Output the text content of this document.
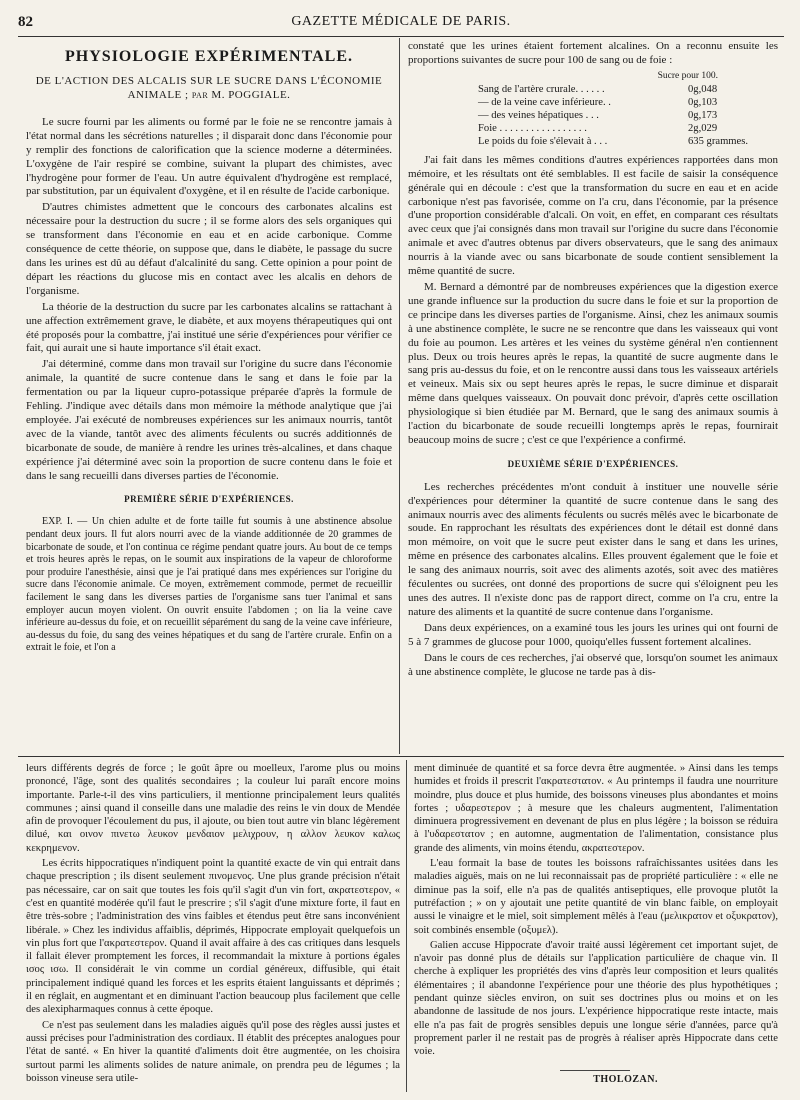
82	GAZETTE MÉDICALE DE PARIS.
PHYSIOLOGIE EXPÉRIMENTALE.
DE L'ACTION DES ALCALIS SUR LE SUCRE DANS L'ÉCONOMIE
ANIMALE ; par M. POGGIALE.

Le sucre fourni par les aliments ou formé par le foie ne se rencontre jamais à l'état normal dans les sécrétions naturelles ; il disparait donc dans l'économie pour y remplir des fonctions de calorification que la science moderne a déterminées. L'oxygène de l'air respiré se combine, suivant la plupart des chimistes, avec l'hydrogène pour former de l'eau. Un autre équivalent d'hydrogène est remplacé, par substitution, par un équivalent d'oxygène, et il en résulte de l'acide carbonique.

D'autres chimistes admettent que le concours des carbonates alcalins est nécessaire pour la destruction du sucre ; il se forme alors des sels organiques qui se transforment dans l'économie en eau et en acide carbonique. Comme conséquence de cette théorie, on suppose que, dans le diabète, le passage du sucre dans les urines est dû au défaut d'alcalinité du sang. Cette opinion a pour point de départ les réactions du glucose mis en contact avec les alcalis en dehors de l'organisme.

La théorie de la destruction du sucre par les carbonates alcalins se rattachant à une affection extrêmement grave, le diabète, et aux moyens thérapeutiques qui ont été proposés pour la combattre, j'ai institué une série d'expériences pour vérifier ce fait, qui aurait une si haute importance s'il était exact.

J'ai déterminé, comme dans mon travail sur l'origine du sucre dans l'économie animale, la quantité de sucre contenue dans le sang et dans le foie par la fermentation ou par la liqueur cupro-potassique préparée d'après la formule de Fehling. J'indique avec détails dans mon mémoire la méthode analytique que j'ai employée. J'ai exécuté de nombreuses expériences sur les animaux nourris, tantôt avec de la viande, tantôt avec des aliments féculents ou sucrés additionnés de bicarbonate de soude, de manière à rendre les urines très-alcalines, et dans chaque expérience j'ai déterminé avec soin la proportion de sucre contenu dans le foie et dans le sang recueilli dans diverses parties de l'économie.

PREMIÈRE SÉRIE D'EXPÉRIENCES.

EXP. I. — Un chien adulte et de forte taille fut soumis à une abstinence absolue pendant deux jours. Il fut alors nourri avec de la viande additionnée de 20 grammes de bicarbonate de soude, et l'on continua ce régime pendant quatre jours. Au bout de ce temps et trois heures après le repas, on le soumit aux inspirations de la vapeur de chloroforme pour produire l'anesthésie, ainsi que je l'ai pratiqué dans mes expériences sur l'origine du sucre dans l'économie animale. Ce moyen, extrêmement commode, permet de recueillir facilement le sang dans les diverses parties de l'organisme sans tuer l'animal et sans employer aucun moyen violent. On ouvrit ensuite l'abdomen ; on lia la veine cave inférieure au-dessus du foie, et on recueillit séparément du sang de la veine cave inférieure, au-dessus du foie, du sang des veines hépatiques et du sang de l'artère crurale. Enfin on a extrait le foie, et l'on a

constaté que les urines étaient fortement alcalines. On a reconnu ensuite les proportions suivantes de sucre pour 100 de sang ou de foie :

Sucre pour 100.
Sang de l'artère crurale. . . . . .	0g,048
— de la veine cave inférieure. .	0g,103
— des veines hépatiques . . .	0g,173
Foie . . . . . . . . . . . . . . . . .	2g,029
Le poids du foie s'élevait à . . .	635 grammes.

J'ai fait dans les mêmes conditions d'autres expériences rapportées dans mon mémoire, et les résultats ont été semblables. Il est facile de saisir la conséquence générale qui en découle : c'est que la transformation du sucre en eau et en acide carbonique n'est pas favorisée, comme on l'a cru, dans l'économie, par la présence d'une proportion considérable d'alcali. On voit, en effet, en comparant ces résultats avec ceux que j'ai consignés dans mon travail sur l'origine du sucre dans l'économie animale et avec d'autres obtenus par divers observateurs, que le sang des animaux nourris à la viande avec ou sans bicarbonate de soude contient sensiblement la même quantité de sucre.

M. Bernard a démontré par de nombreuses expériences que la digestion exerce une grande influence sur la production du sucre dans le foie et sur la proportion de ce principe dans les diverses parties de l'organisme. Ainsi, chez les animaux soumis à une abstinence complète, le sucre ne se rencontre que dans les vaisseaux qui vont du foie au poumon. Les artères et les veines du système général n'en contiennent plus. Deux ou trois heures après le repas, la quantité de sucre augmente dans le sang pris au-dessus du foie, et on le rencontre aussi dans tous les vaisseaux artériels et veineux. Mais six ou sept heures après le repas, le sucre diminue et disparait même dans quelques vaisseaux. On pouvait donc prévoir, d'après cette oscillation physiologique si bien étudiée par M. Bernard, que le sang des animaux soumis à l'action du bicarbonate de soude recueilli longtemps après le repas, fournirait beaucoup moins de sucre ; c'est ce que l'expérience a confirmé.

DEUXIÈME SÉRIE D'EXPÉRIENCES.

Les recherches précédentes m'ont conduit à instituer une nouvelle série d'expériences pour déterminer la quantité de sucre contenue dans le sang des animaux nourris avec des aliments féculents ou sucrés mêlés avec le bicarbonate de soude. En rapprochant les résultats des expériences dont le détail est donné dans mon mémoire, on voit que le sucre peut exister dans le sang et dans les urines, même en présence des carbonates alcalins. Elles prouvent également que le foie et le sang des animaux nourris, soit avec des aliments azotés, soit avec des matières féculentes ou sucrées, ont donné des proportions de sucre qui s'éloignent peu les unes des autres. Il n'existe donc pas de rapport direct, comme on l'a cru, entre la nature des aliments et la quantité de sucre contenue dans l'organisme.

Dans deux expériences, on a examiné tous les jours les urines qui ont fourni de 5 à 7 grammes de glucose pour 1000, quoiqu'elles fussent fortement alcalines.

Dans le cours de ces recherches, j'ai observé que, lorsqu'on soumet les animaux à une abstinence complète, le glucose ne tarde pas à dis-

leurs différents degrés de force ; le goût âpre ou moelleux, l'arome plus ou moins prononcé, l'âge, sont des qualités secondaires ; la couleur lui paraît encore moins importante. Parle-t-il des vins particuliers, il mentionne principalement leurs qualités communes ; ainsi quand il conseille dans une maladie des reins le vin doux de Mendée afin de provoquer l'écoulement du pus, il ajoute, ou bien tout autre vin blanc légèrement dilué, και οινον πινετω λευκον μενδαιον μελιχρουν, η αλλον λευκον καλως κεκρημενον.

Les écrits hippocratiques n'indiquent point la quantité exacte de vin qui entrait dans chaque prescription ; ils disent seulement πινομενος. Une plus grande précision n'était pas nécessaire, car on sait que toutes les fois qu'il s'agit d'un vin fort, ακρατεστερον, « c'est en quantité modérée qu'il faut le prescrire ; s'il s'agit d'une mixture forte, il faut en être très-sobre ; l'administration des vins faibles et étendus peut être sans inconvénient libérale. » Chez les individus affaiblis, déprimés, Hippocrate employait quelquefois un vin plus fort que l'ακρατεστερον. Quand il avait affaire à des cas critiques dans lesquels il fallait élever promptement les forces, il recommandait la mixture à portions égales ισος ισω. Il considérait le vin comme un cordial généreux, diffusible, qui était principalement indiqué quand les forces et les esprits étaient languissants et déprimés ; il en réglait, en augmentant et en diminuant l'action beaucoup plus facilement que celle des alexipharmaques connus à cette époque.

Ce n'est pas seulement dans les maladies aiguës qu'il pose des règles aussi justes et aussi précises pour l'administration des cordiaux. Il établit des préceptes analogues pour l'état de santé. « En hiver la quantité d'aliments doit être augmentée, on les choisira surtout parmi les aliments solides de nature animale, on prendra peu de légumes ; la boisson vineuse sera utile-

ment diminuée de quantité et sa force devra être augmentée. » Ainsi dans les temps humides et froids il prescrit l'ακρατεστατον. « Au printemps il faudra une nourriture moindre, plus douce et plus humide, des boissons vineuses plus abondantes et moins fortes ; υδαρεστερον ; à mesure que les chaleurs augmentent, l'alimentation diminuera progressivement en devenant de plus en plus légère ; la boisson se réduira à l'υδαρεστατον ; en automne, augmentation de l'alimentation, consistance plus grande des aliments, vin moins étendu, ακρατεστερον.

L'eau formait la base de toutes les boissons rafraîchissantes usitées dans les maladies aiguës, mais on ne lui reconnaissait pas de propriété particulière : « elle ne diminue pas la soif, elle n'a pas de qualités antiseptiques, elle provoque plutôt la putréfaction ; » on y ajoutait une petite quantité de vin blanc faible, on employait aussi le vinaigre et le miel, soit simplement mêlés à l'eau (μελικρατον et οξυκρατον), soit combinés ensemble (οξυμελ).

Galien accuse Hippocrate d'avoir traité aussi légèrement cet important sujet, de n'avoir pas donné plus de détails sur l'application particulière de chaque vin. Il cherche à expliquer les propriétés des vins d'après leur composition et leurs qualités élémentaires ; il abandonne l'expérience pour une théorie des plus hypothétiques ; pendant quinze siècles environ, on suit ses doctrines plus ou moins et on les abandonne de lassitude de nos jours. L'expérience hippocratique reste intacte, mais elle n'a pas fait de progrès sensibles depuis une longue série d'années, parce qu'à proprement parler il ne restait pas de progrès à réaliser après Hippocrate dans cette voie.

THOLOZAN.
